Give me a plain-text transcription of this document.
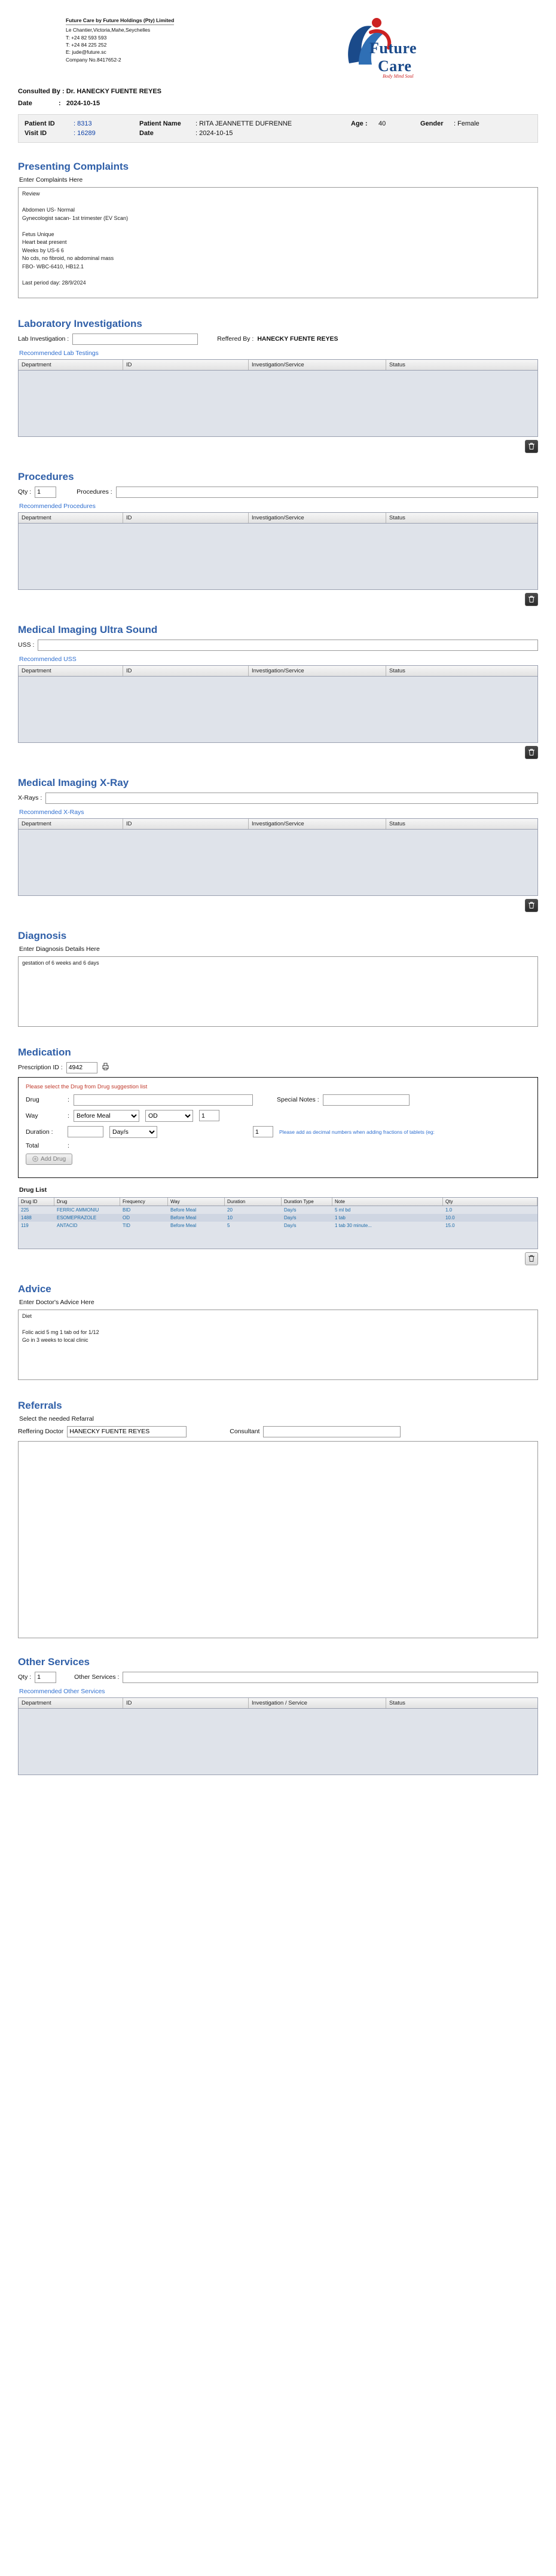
Future Care by Future Holdings (Pty) Limited
Le Chantier,Victoria,Mahe,Seychelles
T: +24 82 593 593
T: +24 84 225 252
E: jude@future.sc
Company No.8417652-2
Future
Care
Body Mind Soul
Consulted By : Dr. HANECKY FUENTE REYES
Date	: 2024-10-15
Patient ID	: 8313	Patient Name	: RITA JEANNETTE DUFRENNE	Age :	40	Gender	: Female
Visit ID	: 16289	Date	: 2024-10-15
Presenting Complaints
Enter Complaints Here
Review Abdomen US- Normal Gynecologist sacan- 1st trimester (EV Scan) Fetus Unique Heart beat present Weeks by US-6 6 No cds, no fibroid, no abdominal mass FBO- WBC-6410, HB12.1 Last period day: 28/9/2024
Laboratory Investigations
Lab Investigation :	Reffered By : HANECKY FUENTE REYES
Recommended Lab Testings
Department	ID	Investigation/Service	Status
Procedures
Qty :
1	Procedures :
Recommended Procedures
Department	ID	Investigation/Service	Status
Medical Imaging Ultra Sound
USS :
Recommended USS
Department	ID	Investigation/Service	Status
Medical Imaging X-Ray
X-Rays :
Recommended X-Rays
Department	ID	Investigation/Service	Status
Diagnosis
Enter Diagnosis Details Here
gestation of 6 weeks and 6 days
Medication
Prescription ID :
4942
Please select the Drug from Drug suggestion list
Drug	:	Special Notes :
Way	:
Before Meal
OD
1
Duration :
Day/s
1	Please add as decimal numbers when adding fractions of tablets (eg:
Total	:
Add Drug
Drug List
Drug ID	Drug	Frequency	Way	Duration	Duration Type	Note	Qty
225	FERRIC AMMONIU	BID	Before Meal	20	Day/s	5 ml bd	1.0
1488	ESOMEPRAZOLE	OD	Before Meal	10	Day/s	1 tab	10.0
119	ANTACID	TID	Before Meal	5	Day/s	1 tab 30 minute...	15.0
Advice
Enter Doctor's Advice Here
Diet Folic acid 5 mg 1 tab od for 1/12 Go in 3 weeks to local clinic
Referrals
Select the needed Refarral
Reffering Doctor
HANECKY FUENTE REYES	Consultant
Other Services
Qty :
1	Other Services :
Recommended Other Services
Department	ID	Investigation / Service	Status
